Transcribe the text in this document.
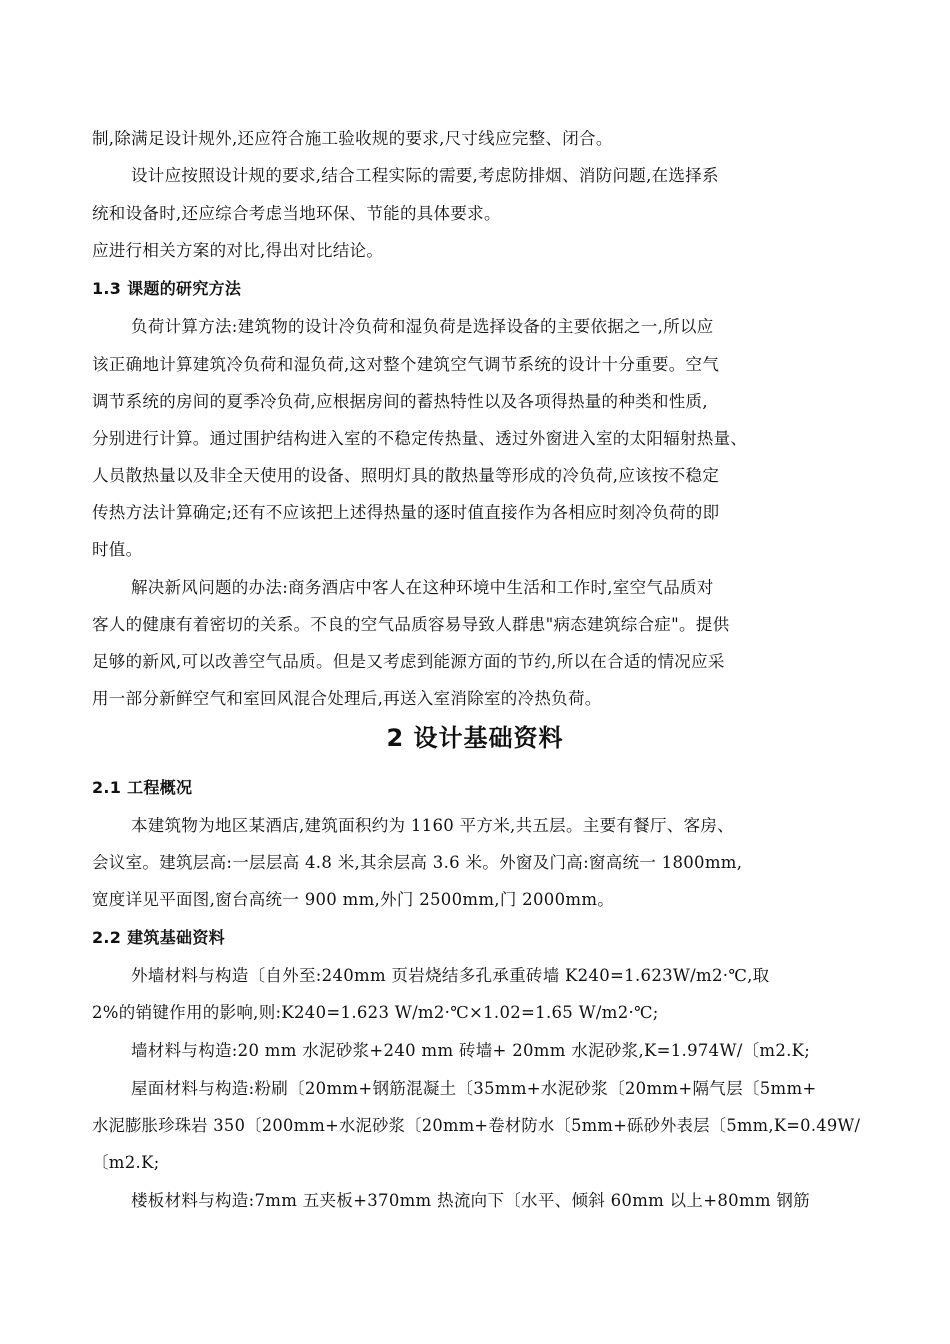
制,除满足设计规外,还应符合施工验收规的要求,尺寸线应完整、闭合。
设计应按照设计规的要求,结合工程实际的需要,考虑防排烟、消防问题,在选择系
统和设备时,还应综合考虑当地环保、节能的具体要求。
应进行相关方案的对比,得出对比结论。
1.3 课题的研究方法
负荷计算方法:建筑物的设计冷负荷和湿负荷是选择设备的主要依据之一,所以应
该正确地计算建筑冷负荷和湿负荷,这对整个建筑空气调节系统的设计十分重要。空气
调节系统的房间的夏季冷负荷,应根据房间的蓄热特性以及各项得热量的种类和性质,
分别进行计算。通过围护结构进入室的不稳定传热量、透过外窗进入室的太阳辐射热量、
人员散热量以及非全天使用的设备、照明灯具的散热量等形成的冷负荷,应该按不稳定
传热方法计算确定;还有不应该把上述得热量的逐时值直接作为各相应时刻冷负荷的即
时值。
解决新风问题的办法:商务酒店中客人在这种环境中生活和工作时,室空气品质对
客人的健康有着密切的关系。不良的空气品质容易导致人群患"病态建筑综合症"。提供
足够的新风,可以改善空气品质。但是又考虑到能源方面的节约,所以在合适的情况应采
用一部分新鲜空气和室回风混合处理后,再送入室消除室的冷热负荷。
2 设计基础资料
2.1 工程概况
本建筑物为地区某酒店,建筑面积约为 1160 平方米,共五层。主要有餐厅、客房、
会议室。建筑层高:一层层高 4.8 米,其余层高 3.6 米。外窗及门高:窗高统一 1800mm,
宽度详见平面图,窗台高统一 900 mm,外门 2500mm,门 2000mm。
2.2 建筑基础资料
外墙材料与构造〔自外至:240mm 页岩烧结多孔承重砖墙 K240=1.623W/m2·℃,取
2%的销键作用的影响,则:K240=1.623 W/m2·℃×1.02=1.65 W/m2·℃;
墙材料与构造:20 mm 水泥砂浆+240 mm 砖墙+ 20mm 水泥砂浆,K=1.974W/〔m2.K;
屋面材料与构造:粉刷〔20mm+钢筋混凝土〔35mm+水泥砂浆〔20mm+隔气层〔5mm+
水泥膨胀珍珠岩 350〔200mm+水泥砂浆〔20mm+卷材防水〔5mm+砾砂外表层〔5mm,K=0.49W/
〔m2.K;
楼板材料与构造:7mm 五夹板+370mm 热流向下〔水平、倾斜 60mm 以上+80mm 钢筋
